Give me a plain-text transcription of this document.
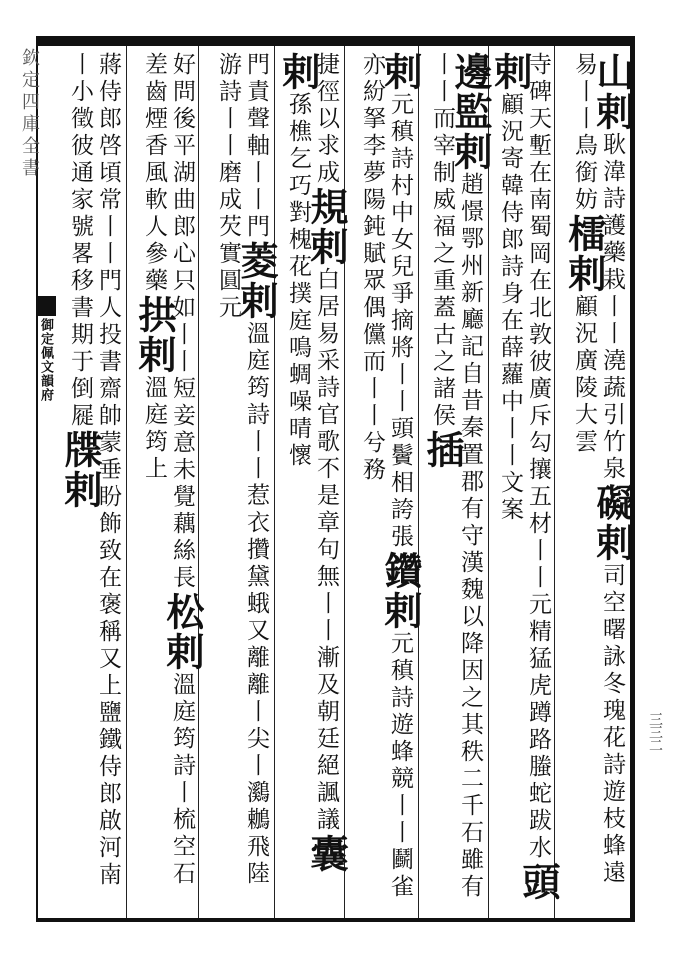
欽定四庫全書
御定佩文韻府
三三二
山剌耿湋詩護藥栽丨丨澆蔬引竹泉礙剌司空曙詠冬瑰花詩遊枝蜂遠易丨丨鳥銜妨檑剌顧況廣陵大雲
寺碑天塹在南蜀岡在北敦彼廣斥勾攘五材丨丨元精猛虎蹲路螣蛇跋水頭剌顧況寄韓侍郎詩身在薛蘿中丨丨文案
邊監剌趙憬鄂州新廳記自昔秦置郡有守漢魏以降因之其秩二千石雖有丨丨而宰制威福之重蓋古之諸侯插
剌元稹詩村中女兒爭摘將丨丨頭鬢相誇張鑽剌元稹詩遊蜂競丨丨鬬雀亦紛拏李夢陽鈍賦眾偶儻而丨丨兮務
捷徑以求成規剌白居易采詩官歌不是章句無丨丨漸及朝廷絕諷議囊剌孫樵乞巧對槐花撲庭鳴蜩噪晴懷
門責聲軸丨丨門菱剌溫庭筠詩丨丨惹衣攢黛蛾又離離丨尖丨鸂鶒飛陸游詩丨丨磨成芡實圓元
好問後平湖曲郎心只如丨丨短妾意未覺藕絲長松剌溫庭筠詩丨梳空石差齒煙香風軟人參藥拱剌溫庭筠上
蔣侍郎啓頃常丨丨門人投書齋帥蒙垂盼飾致在褒稱又上鹽鐵侍郎啟河南丨小徵彼通家號畧移書期于倒屣牒剌
